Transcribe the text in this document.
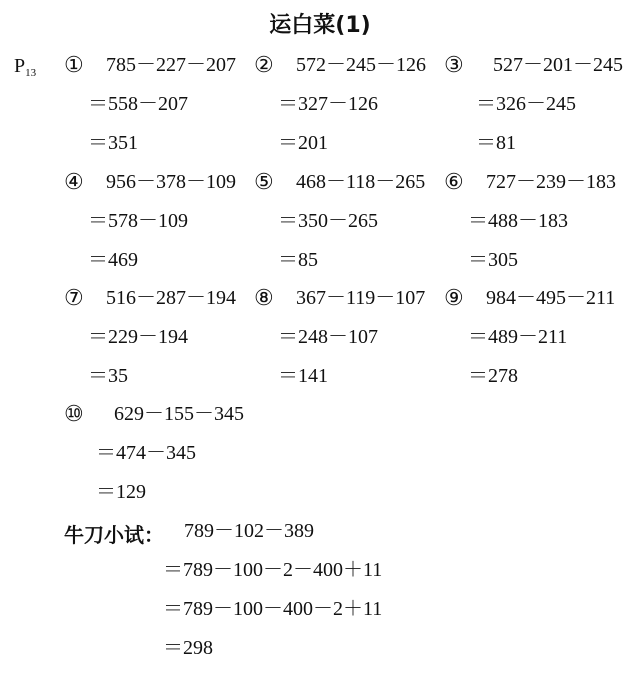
运白菜(1)
$P_{13}$ ① 785－227－207
＝558－207
＝351
② 572－245－126
＝327－126
＝201
③ 527－201－245
＝326－245
＝81
④ 956－378－109
＝578－109
＝469
⑤ 468－118－265
＝350－265
＝85
⑥ 727－239－183
＝488－183
＝305
⑦ 516－287－194
＝229－194
＝35
⑧ 367－119－107
＝248－107
＝141
⑨ 984－495－211
＝489－211
＝278
⑩ 629－155－345
＝474－345
＝129
牛刀小试： 789－102－389
＝789－100－2－400＋11
＝789－100－400－2＋11
＝298
